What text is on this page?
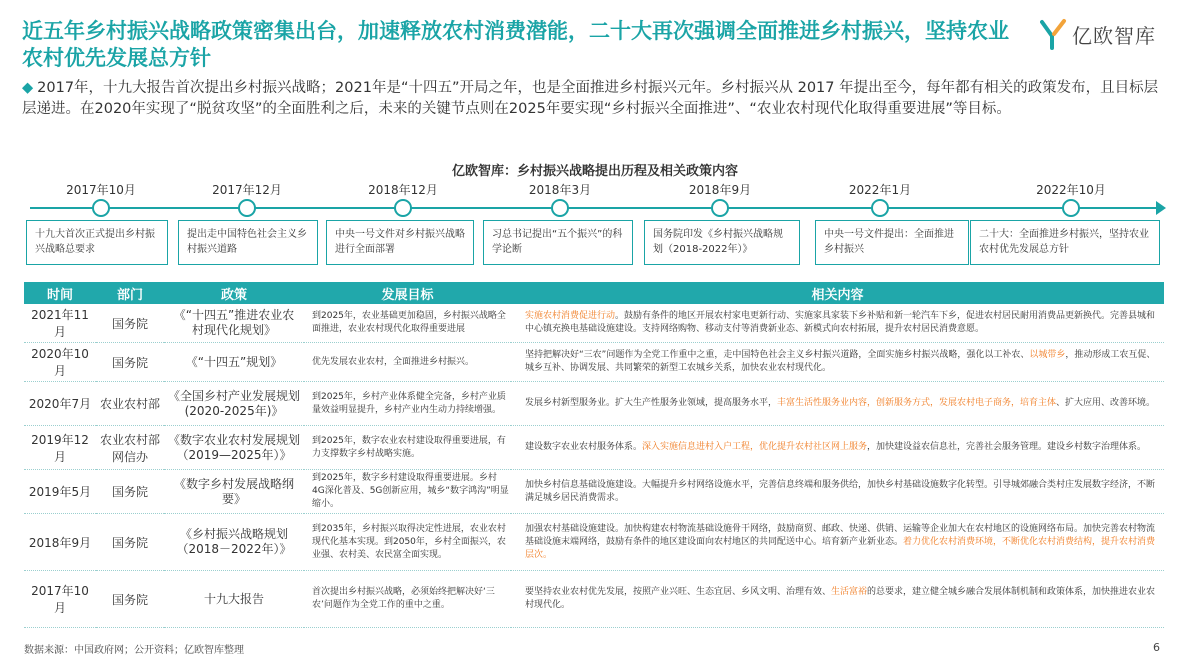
近五年乡村振兴战略政策密集出台，加速释放农村消费潜能，二十大再次强调全面推进乡村振兴，坚持农业农村优先发展总方针
亿欧智库
◆ 2017年，十九大报告首次提出乡村振兴战略；2021年是“十四五”开局之年，也是全面推进乡村振兴元年。乡村振兴从 2017 年提出至今，每年都有相关的政策发布，且目标层层递进。在2020年实现了“脱贫攻坚”的全面胜利之后，未来的关键节点则在2025年要实现“乡村振兴全面推进”、“农业农村现代化取得重要进展”等目标。
亿欧智库：乡村振兴战略提出历程及相关政策内容
2017年10月
十九大首次正式提出乡村振兴战略总要求
2017年12月
提出走中国特色社会主义乡村振兴道路
2018年12月
中央一号文件对乡村振兴战略进行全面部署
2018年3月
习总书记提出“五个振兴”的科学论断
2018年9月
国务院印发《乡村振兴战略规划（2018-2022年）》
2022年1月
中央一号文件提出：全面推进乡村振兴
2022年10月
二十大：全面推进乡村振兴，坚持农业农村优先发展总方针
时间	部门	政策	发展目标	相关内容
2021年11月	国务院	《“十四五”推进农业农村现代化规划》	到2025年，农业基础更加稳固，乡村振兴战略全面推进，农业农村现代化取得重要进展	实施农村消费促进行动。鼓励有条件的地区开展农村家电更新行动、实施家具家装下乡补贴和新一轮汽车下乡，促进农村居民耐用消费品更新换代。完善县城和中心镇充换电基础设施建设。支持网络购物、移动支付等消费新业态、新模式向农村拓展，提升农村居民消费意愿。
2020年10月	国务院	《“十四五”规划》	优先发展农业农村，全面推进乡村振兴。	坚持把解决好“三农”问题作为全党工作重中之重，走中国特色社会主义乡村振兴道路，全面实施乡村振兴战略，强化以工补农、以城带乡，推动形成工农互促、城乡互补、协调发展、共同繁荣的新型工农城乡关系，加快农业农村现代化。
2020年7月	农业农村部	《全国乡村产业发展规划(2020-2025年)》	到2025年，乡村产业体系健全完备，乡村产业质量效益明显提升，乡村产业内生动力持续增强。	发展乡村新型服务业。扩大生产性服务业领域，提高服务水平，丰富生活性服务业内容，创新服务方式，发展农村电子商务，培育主体、扩大应用、改善环境。
2019年12月	农业农村部网信办	《数字农业农村发展规划（2019—2025年）》	到2025年，数字农业农村建设取得重要进展，有力支撑数字乡村战略实施。	建设数字农业农村服务体系。深入实施信息进村入户工程，优化提升农村社区网上服务，加快建设益农信息社，完善社会服务管理。建设乡村数字治理体系。
2019年5月	国务院	《数字乡村发展战略纲要》	到2025年，数字乡村建设取得重要进展。乡村4G深化普及、5G创新应用，城乡“数字鸿沟”明显缩小。	加快乡村信息基础设施建设。大幅提升乡村网络设施水平，完善信息终端和服务供给，加快乡村基础设施数字化转型。引导城郊融合类村庄发展数字经济，不断满足城乡居民消费需求。
2018年9月	国务院	《乡村振兴战略规划（2018－2022年）》	到2035年，乡村振兴取得决定性进展，农业农村现代化基本实现。到2050年，乡村全面振兴，农业强、农村美、农民富全面实现。	加强农村基础设施建设。加快构建农村物流基础设施骨干网络，鼓励商贸、邮政、快递、供销、运输等企业加大在农村地区的设施网络布局。加快完善农村物流基础设施末端网络，鼓励有条件的地区建设面向农村地区的共同配送中心。培育新产业新业态。着力优化农村消费环境，不断优化农村消费结构，提升农村消费层次。
2017年10月	国务院	十九大报告	首次提出乡村振兴战略，必须始终把解决好‘三农’问题作为全党工作的重中之重。	要坚持农业农村优先发展，按照产业兴旺、生态宜居、乡风文明、治理有效、生活富裕的总要求，建立健全城乡融合发展体制机制和政策体系，加快推进农业农村现代化。
数据来源：中国政府网；公开资料；亿欧智库整理	6
